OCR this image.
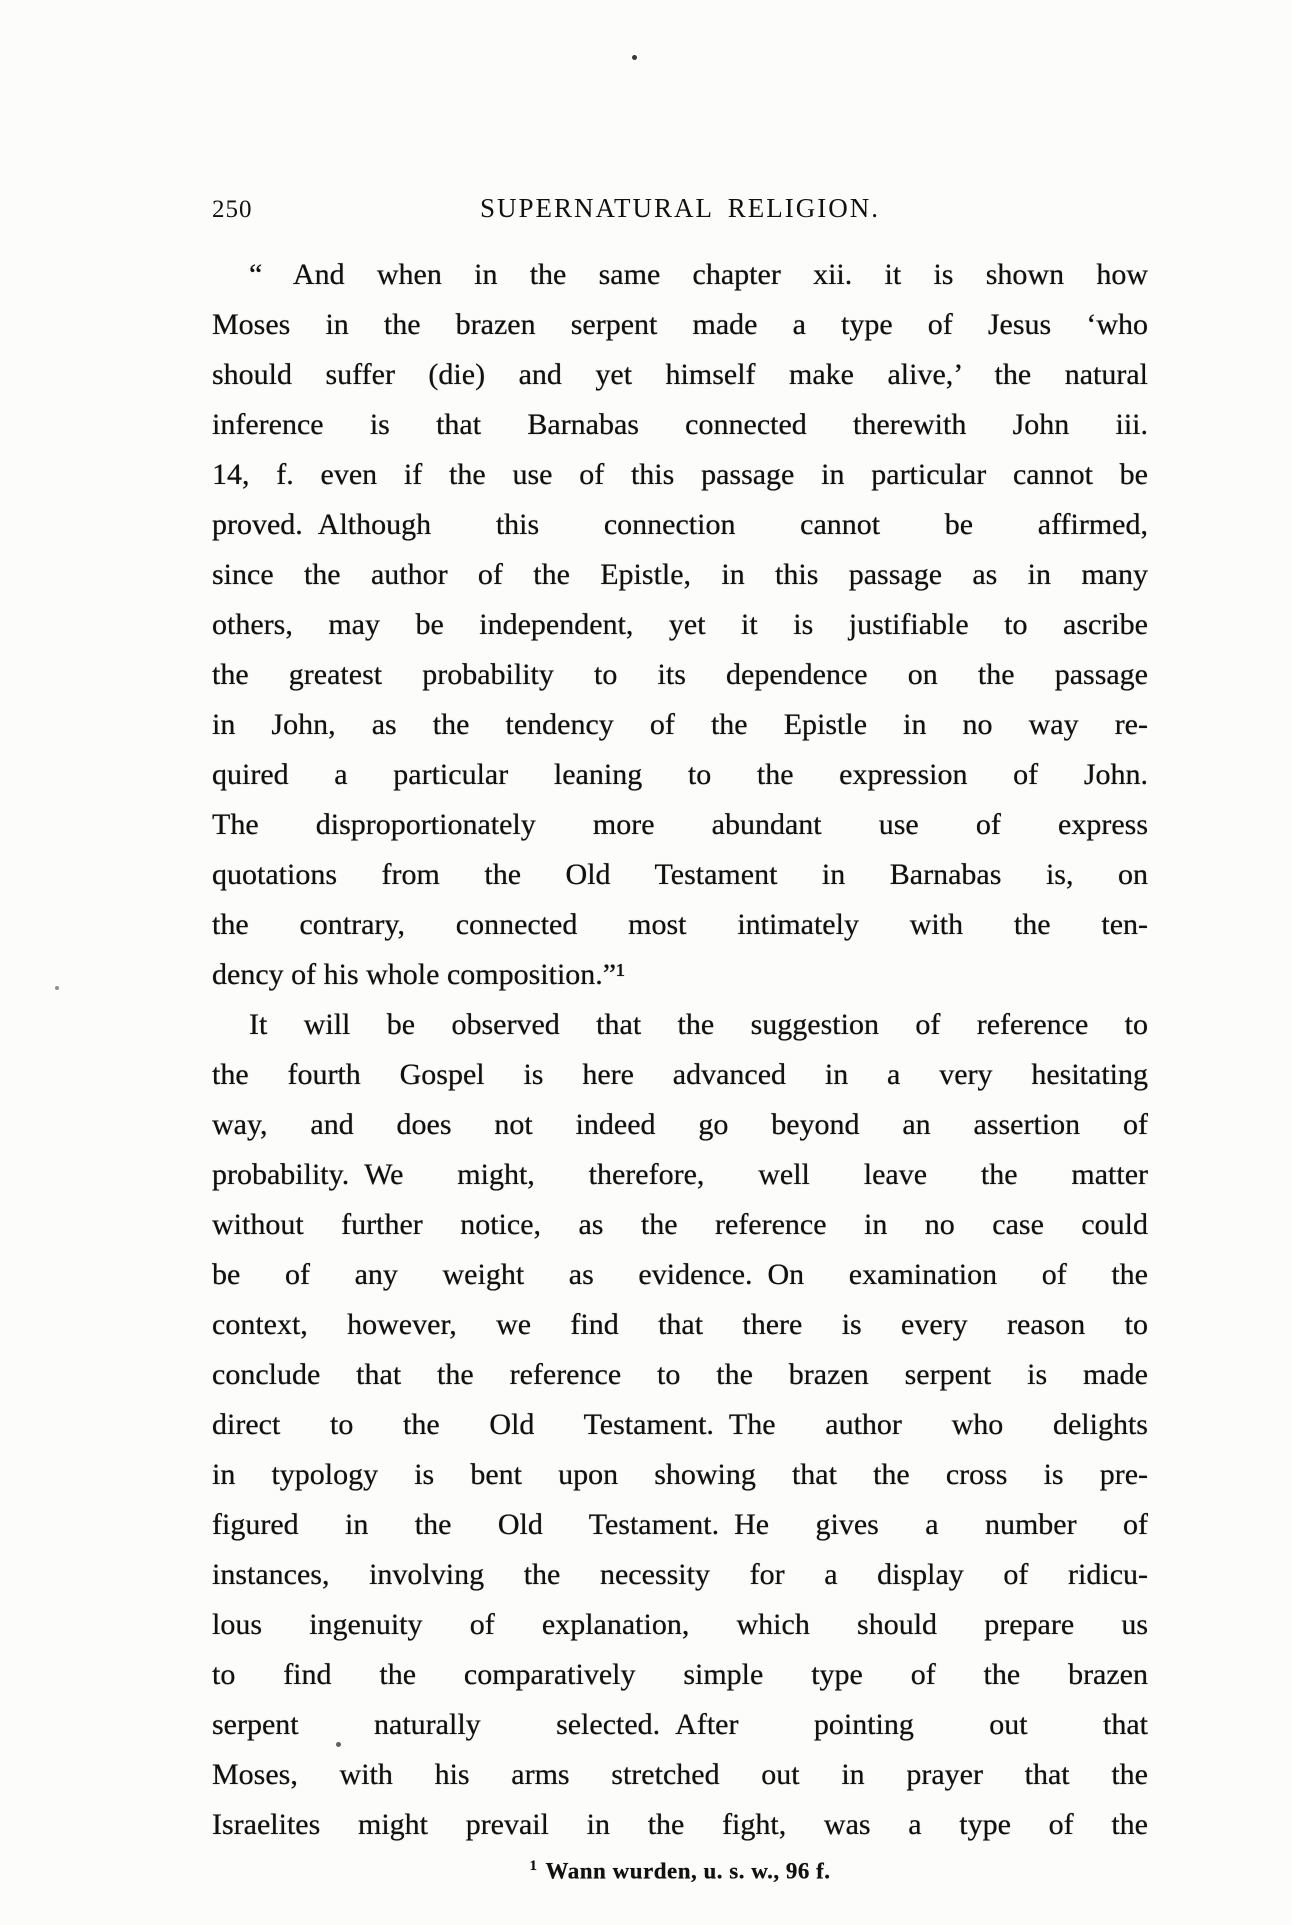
250	SUPERNATURAL RELIGION.
“ And when in the same chapter xii. it is shown how
Moses in the brazen serpent made a type of Jesus ‘who
should suffer (die) and yet himself make alive,’ the natural
inference is that Barnabas connected therewith John iii.
14, f. even if the use of this passage in particular cannot be
proved. Although this connection cannot be affirmed,
since the author of the Epistle, in this passage as in many
others, may be independent, yet it is justifiable to ascribe
the greatest probability to its dependence on the passage
in John, as the tendency of the Epistle in no way re-
quired a particular leaning to the expression of John.
The disproportionately more abundant use of express
quotations from the Old Testament in Barnabas is, on
the contrary, connected most intimately with the ten-
dency of his whole composition.”¹
It will be observed that the suggestion of reference to
the fourth Gospel is here advanced in a very hesitating
way, and does not indeed go beyond an assertion of
probability. We might, therefore, well leave the matter
without further notice, as the reference in no case could
be of any weight as evidence. On examination of the
context, however, we find that there is every reason to
conclude that the reference to the brazen serpent is made
direct to the Old Testament. The author who delights
in typology is bent upon showing that the cross is pre-
figured in the Old Testament. He gives a number of
instances, involving the necessity for a display of ridicu-
lous ingenuity of explanation, which should prepare us
to find the comparatively simple type of the brazen
serpent naturally selected. After pointing out that
Moses, with his arms stretched out in prayer that the
Israelites might prevail in the fight, was a type of the
$^1$ Wann wurden, u. s. w., 96 f.
